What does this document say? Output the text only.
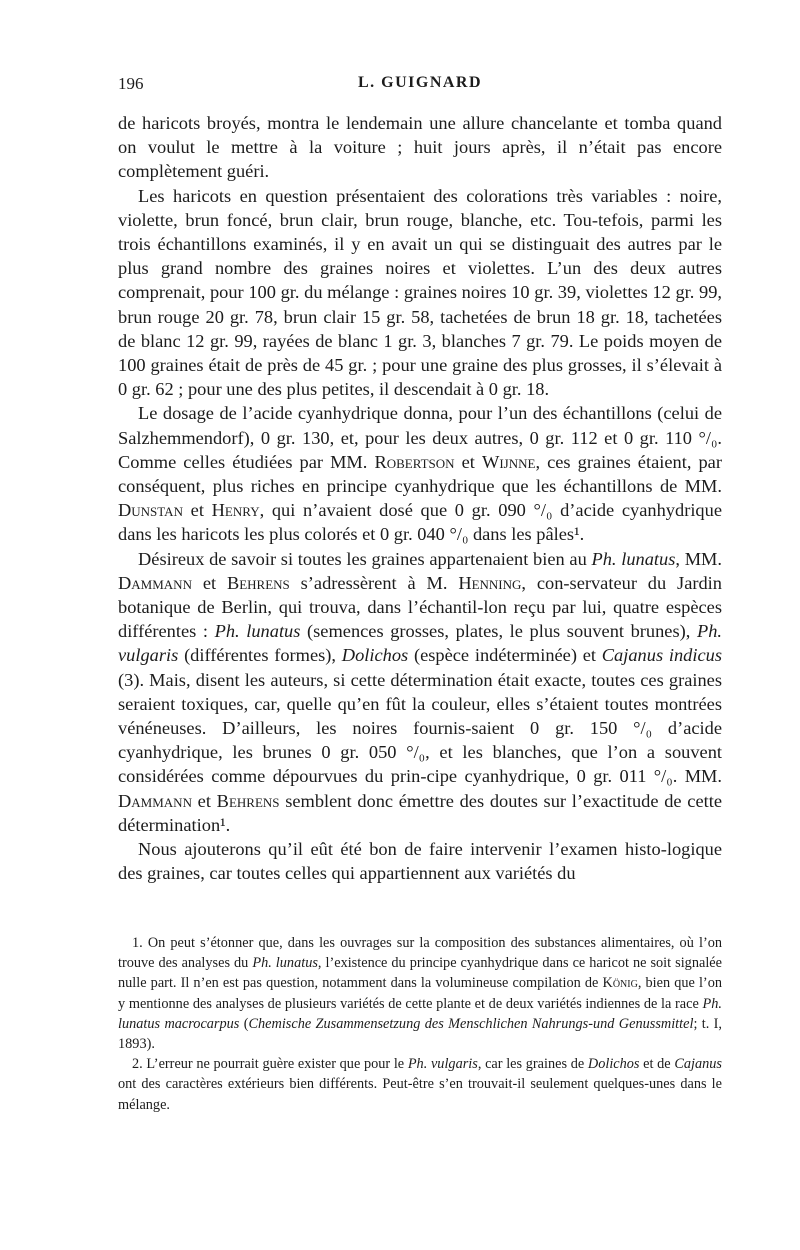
196	L. GUIGNARD

de haricots broyés, montra le lendemain une allure chancelante et tomba quand on voulut le mettre à la voiture ; huit jours après, il n’était pas encore complètement guéri.

Les haricots en question présentaient des colorations très variables : noire, violette, brun foncé, brun clair, brun rouge, blanche, etc. Tou-tefois, parmi les trois échantillons examinés, il y en avait un qui se distinguait des autres par le plus grand nombre des graines noires et violettes. L’un des deux autres comprenait, pour 100 gr. du mélange : graines noires 10 gr. 39, violettes 12 gr. 99, brun rouge 20 gr. 78, brun clair 15 gr. 58, tachetées de brun 18 gr. 18, tachetées de blanc 12 gr. 99, rayées de blanc 1 gr. 3, blanches 7 gr. 79. Le poids moyen de 100 graines était de près de 45 gr. ; pour une graine des plus grosses, il s’élevait à 0 gr. 62 ; pour une des plus petites, il descendait à 0 gr. 18.

Le dosage de l’acide cyanhydrique donna, pour l’un des échantillons (celui de Salzhemmendorf), 0 gr. 130, et, pour les deux autres, 0 gr. 112 et 0 gr. 110 °/₀. Comme celles étudiées par MM. Robertson et Wijnne, ces graines étaient, par conséquent, plus riches en principe cyanhydrique que les échantillons de MM. Dunstan et Henry, qui n’avaient dosé que 0 gr. 090 °/₀ d’acide cyanhydrique dans les haricots les plus colorés et 0 gr. 040 °/₀ dans les pâles¹.

Désireux de savoir si toutes les graines appartenaient bien au Ph. lunatus, MM. Dammann et Behrens s’adressèrent à M. Henning, con-servateur du Jardin botanique de Berlin, qui trouva, dans l’échantil-lon reçu par lui, quatre espèces différentes : Ph. lunatus (semences grosses, plates, le plus souvent brunes), Ph. vulgaris (différentes formes), Dolichos (espèce indéterminée) et Cajanus indicus (3). Mais, disent les auteurs, si cette détermination était exacte, toutes ces graines seraient toxiques, car, quelle qu’en fût la couleur, elles s’étaient toutes montrées vénéneuses. D’ailleurs, les noires fournis-saient 0 gr. 150 °/₀ d’acide cyanhydrique, les brunes 0 gr. 050 °/₀, et les blanches, que l’on a souvent considérées comme dépourvues du prin-cipe cyanhydrique, 0 gr. 011 °/₀. MM. Dammann et Behrens semblent donc émettre des doutes sur l’exactitude de cette détermination¹.

Nous ajouterons qu’il eût été bon de faire intervenir l’examen histo-logique des graines, car toutes celles qui appartiennent aux variétés du

1. On peut s’étonner que, dans les ouvrages sur la composition des substances alimentaires, où l’on trouve des analyses du Ph. lunatus, l’existence du principe cyanhydrique dans ce haricot ne soit signalée nulle part. Il n’en est pas question, notamment dans la volumineuse compilation de König, bien que l’on y mentionne des analyses de plusieurs variétés de cette plante et de deux variétés indiennes de la race Ph. lunatus macrocarpus (Chemische Zusammensetzung des Menschlichen Nahrungs-und Genussmittel; t. I, 1893).

2. L’erreur ne pourrait guère exister que pour le Ph. vulgaris, car les graines de Dolichos et de Cajanus ont des caractères extérieurs bien différents. Peut-être s’en trouvait-il seulement quelques-unes dans le mélange.
